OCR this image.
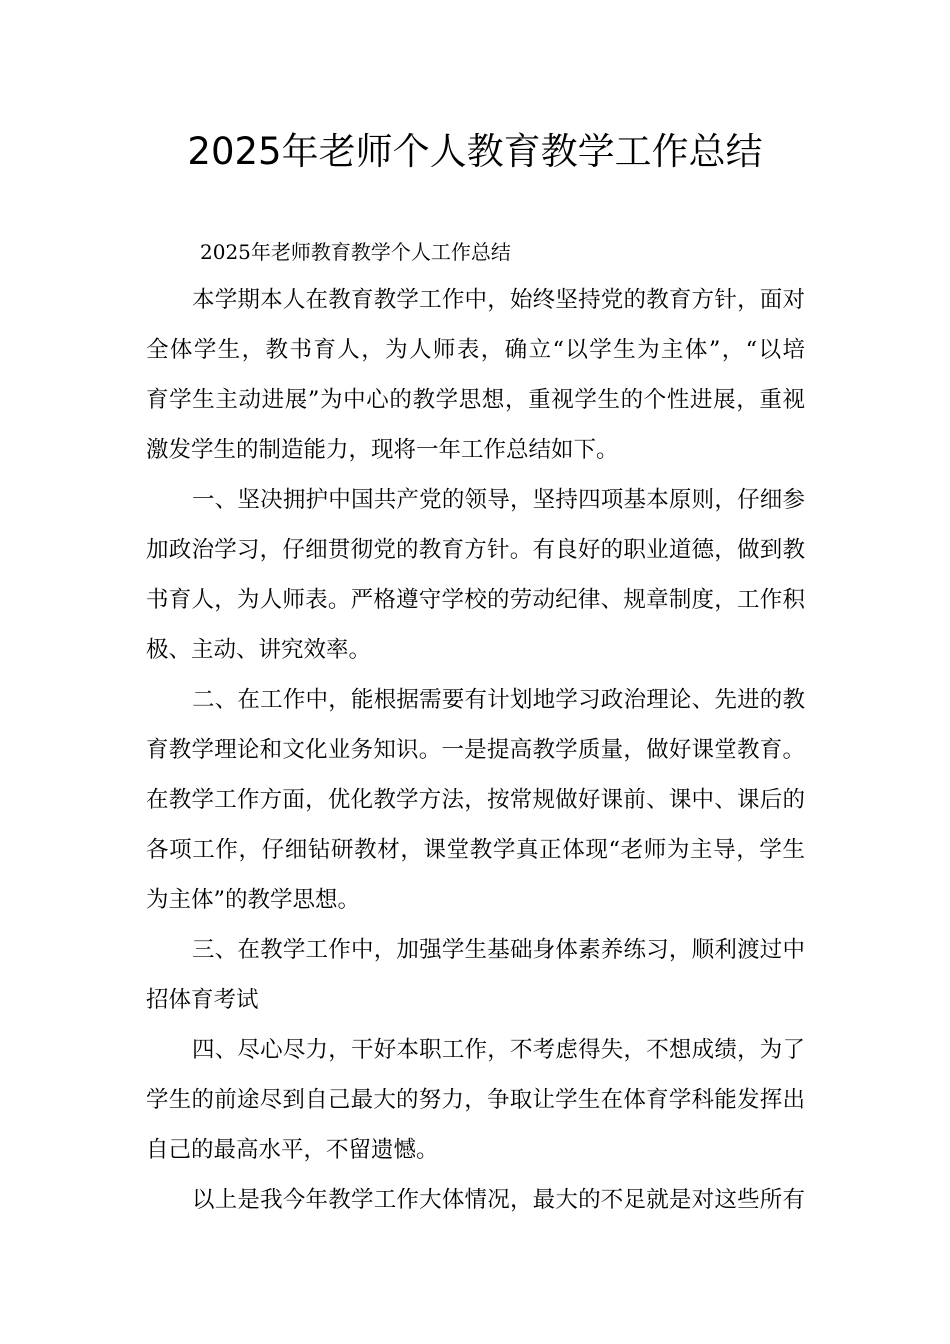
2025年老师个人教育教学工作总结
2025年老师教育教学个人工作总结
本学期本人在教育教学工作中，始终坚持党的教育方针，面对
全体学生，教书育人，为人师表，确立“以学生为主体”，“以培
育学生主动进展”为中心的教学思想，重视学生的个性进展，重视
激发学生的制造能力，现将一年工作总结如下。
一、坚决拥护中国共产党的领导，坚持四项基本原则，仔细参
加政治学习，仔细贯彻党的教育方针。有良好的职业道德，做到教
书育人，为人师表。严格遵守学校的劳动纪律、规章制度，工作积
极、主动、讲究效率。
二、在工作中，能根据需要有计划地学习政治理论、先进的教
育教学理论和文化业务知识。一是提高教学质量，做好课堂教育。
在教学工作方面，优化教学方法，按常规做好课前、课中、课后的
各项工作，仔细钻研教材，课堂教学真正体现“老师为主导，学生
为主体”的教学思想。
三、在教学工作中，加强学生基础身体素养练习，顺利渡过中
招体育考试
四、尽心尽力，干好本职工作，不考虑得失，不想成绩，为了
学生的前途尽到自己最大的努力，争取让学生在体育学科能发挥出
自己的最高水平，不留遗憾。
以上是我今年教学工作大体情况，最大的不足就是对这些所有
